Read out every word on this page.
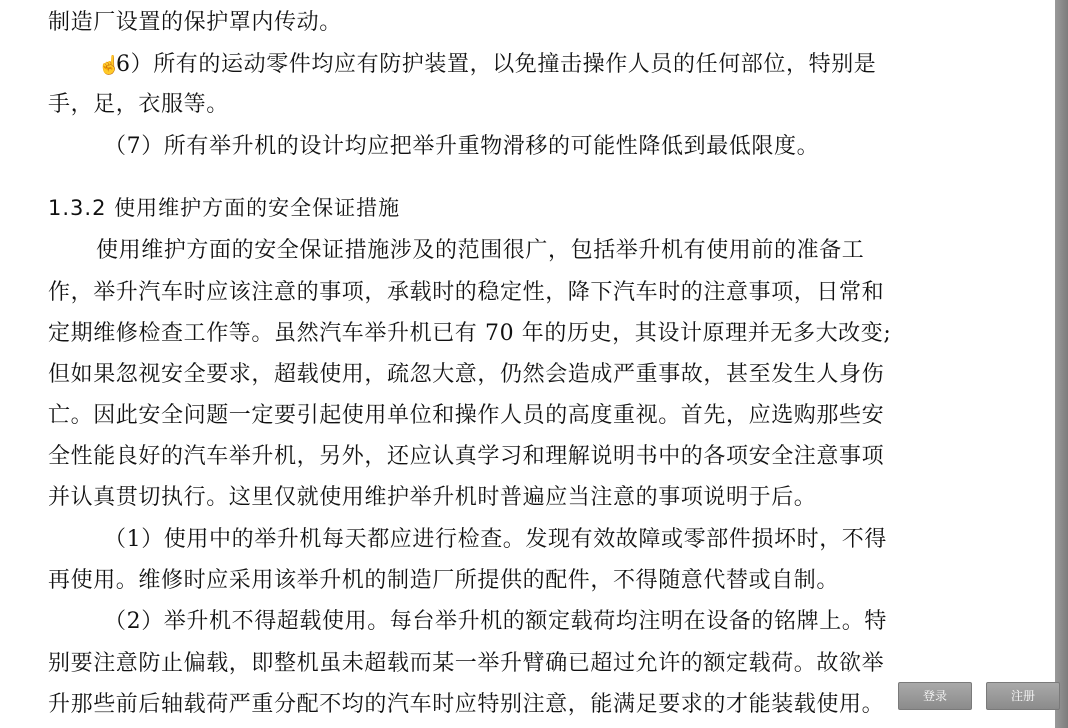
制造厂设置的保护罩内传动。
☝6）所有的运动零件均应有防护装置，以免撞击操作人员的任何部位，特别是
手，足，衣服等。
（7）所有举升机的设计均应把举升重物滑移的可能性降低到最低限度。
1.3.2 使用维护方面的安全保证措施
使用维护方面的安全保证措施涉及的范围很广，包括举升机有使用前的准备工
作，举升汽车时应该注意的事项，承载时的稳定性，降下汽车时的注意事项，日常和
定期维修检查工作等。虽然汽车举升机已有 70 年的历史，其设计原理并无多大改变;
但如果忽视安全要求，超载使用，疏忽大意，仍然会造成严重事故，甚至发生人身伤
亡。因此安全问题一定要引起使用单位和操作人员的高度重视。首先，应选购那些安
全性能良好的汽车举升机，另外，还应认真学习和理解说明书中的各项安全注意事项
并认真贯切执行。这里仅就使用维护举升机时普遍应当注意的事项说明于后。
（1）使用中的举升机每天都应进行检查。发现有效故障或零部件损坏时，不得
再使用。维修时应采用该举升机的制造厂所提供的配件，不得随意代替或自制。
（2）举升机不得超载使用。每台举升机的额定载荷均注明在设备的铭牌上。特
别要注意防止偏载，即整机虽未超载而某一举升臂确已超过允许的额定载荷。故欲举
升那些前后轴载荷严重分配不均的汽车时应特别注意，能满足要求的才能装载使用。	登录	注册
